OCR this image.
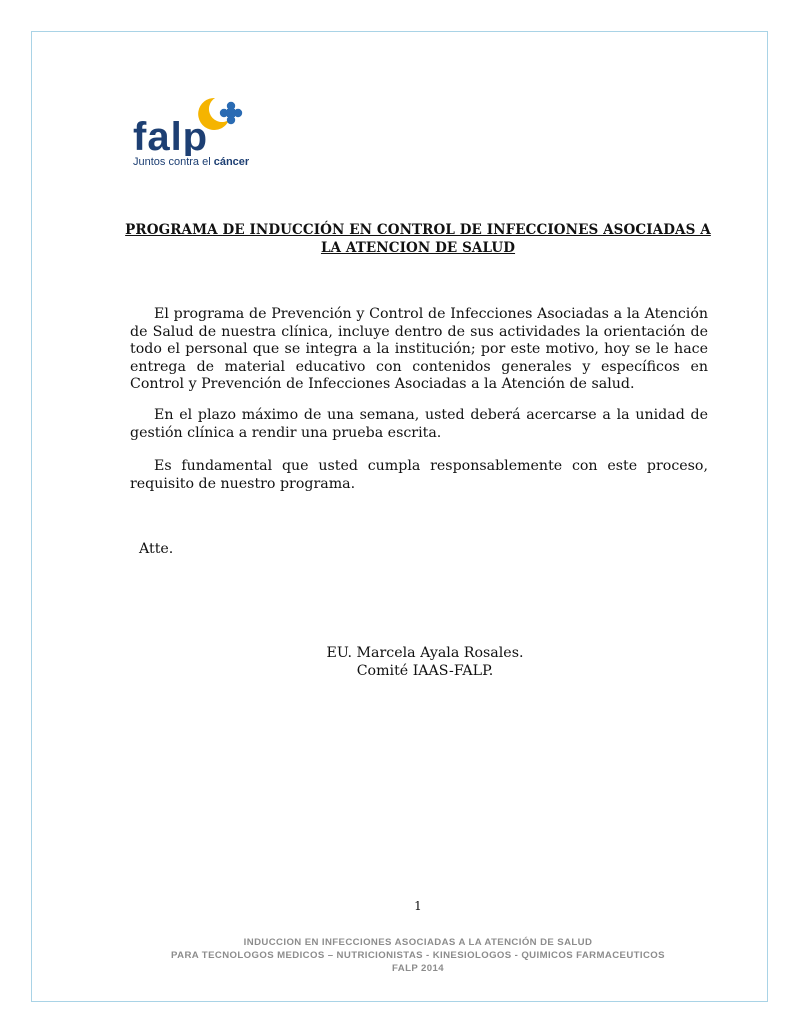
falp
Juntos contra el cáncer
PROGRAMA DE INDUCCIÓN EN CONTROL DE INFECCIONES ASOCIADAS A
LA ATENCION DE SALUD
El programa de Prevención y Control de Infecciones Asociadas a la Atención de Salud de nuestra clínica, incluye dentro de sus actividades la orientación de todo el personal que se integra a la institución; por este motivo, hoy se le hace entrega de material educativo con contenidos generales y específicos en Control y Prevención de Infecciones Asociadas a la Atención de salud.
En el plazo máximo de una semana, usted deberá acercarse a la unidad de gestión clínica a rendir una prueba escrita.
Es fundamental que usted cumpla responsablemente con este proceso, requisito de nuestro programa.
Atte.
EU. Marcela Ayala Rosales.
Comité IAAS-FALP.
1
INDUCCION EN INFECCIONES ASOCIADAS A LA ATENCIÓN DE SALUD
PARA TECNOLOGOS MEDICOS – NUTRICIONISTAS - KINESIOLOGOS - QUIMICOS FARMACEUTICOS
FALP 2014
